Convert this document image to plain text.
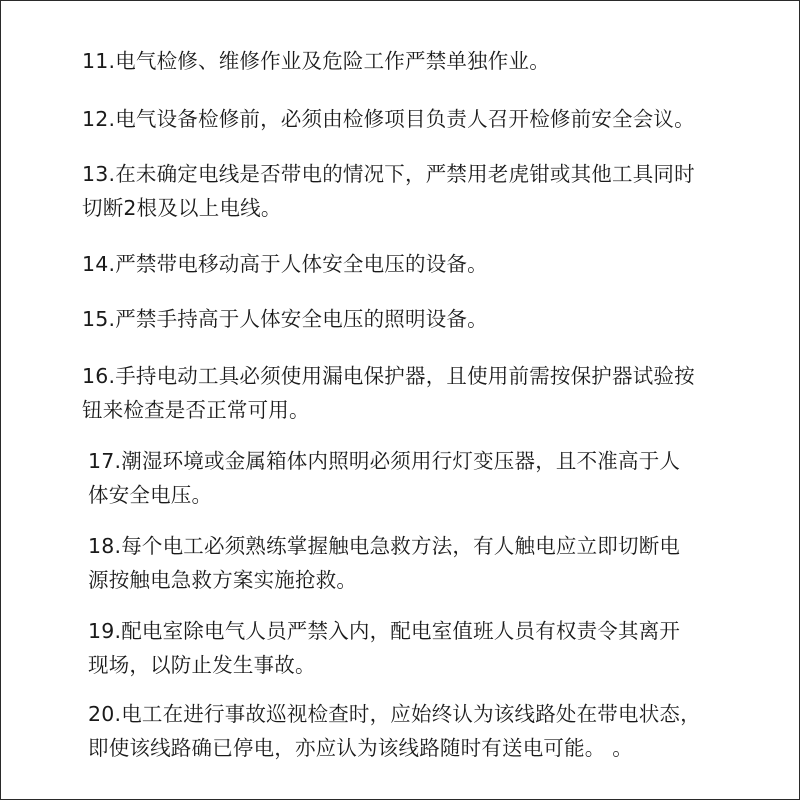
11.电气检修、维修作业及危险工作严禁单独作业。

12.电气设备检修前，必须由检修项目负责人召开检修前安全会议。

13.在未确定电线是否带电的情况下，严禁用老虎钳或其他工具同时
切断2根及以上电线。

14.严禁带电移动高于人体安全电压的设备。

15.严禁手持高于人体安全电压的照明设备。

16.手持电动工具必须使用漏电保护器，且使用前需按保护器试验按
钮来检查是否正常可用。

17.潮湿环境或金属箱体内照明必须用行灯变压器，且不准高于人
体安全电压。

18.每个电工必须熟练掌握触电急救方法，有人触电应立即切断电
源按触电急救方案实施抢救。

19.配电室除电气人员严禁入内，配电室值班人员有权责令其离开
现场，以防止发生事故。

20.电工在进行事故巡视检查时，应始终认为该线路处在带电状态，
即使该线路确已停电，亦应认为该线路随时有送电可能。 。
